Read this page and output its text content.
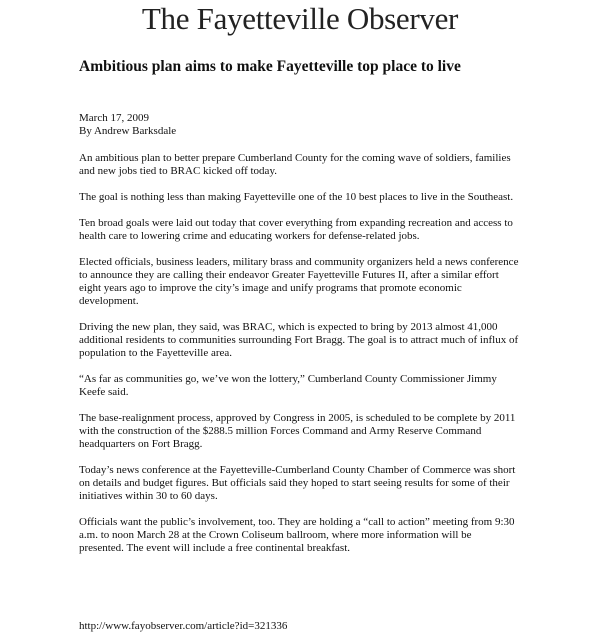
The Fayetteville Observer
Ambitious plan aims to make Fayetteville top place to live
March 17, 2009
By Andrew Barksdale

An ambitious plan to better prepare Cumberland County for the coming wave of soldiers, families and new jobs tied to BRAC kicked off today.

The goal is nothing less than making Fayetteville one of the 10 best places to live in the Southeast.

Ten broad goals were laid out today that cover everything from expanding recreation and access to health care to lowering crime and educating workers for defense-related jobs.

Elected officials, business leaders, military brass and community organizers held a news conference to announce they are calling their endeavor Greater Fayetteville Futures II, after a similar effort eight years ago to improve the city’s image and unify programs that promote economic development.

Driving the new plan, they said, was BRAC, which is expected to bring by 2013 almost 41,000 additional residents to communities surrounding Fort Bragg. The goal is to attract much of influx of population to the Fayetteville area.

“As far as communities go, we’ve won the lottery,” Cumberland County Commissioner Jimmy Keefe said.

The base-realignment process, approved by Congress in 2005, is scheduled to be complete by 2011 with the construction of the $288.5 million Forces Command and Army Reserve Command headquarters on Fort Bragg.

Today’s news conference at the Fayetteville-Cumberland County Chamber of Commerce was short on details and budget figures. But officials said they hoped to start seeing results for some of their initiatives within 30 to 60 days.

Officials want the public’s involvement, too. They are holding a “call to action” meeting from 9:30 a.m. to noon March 28 at the Crown Coliseum ballroom, where more information will be presented. The event will include a free continental breakfast.

http://www.fayobserver.com/article?id=321336
